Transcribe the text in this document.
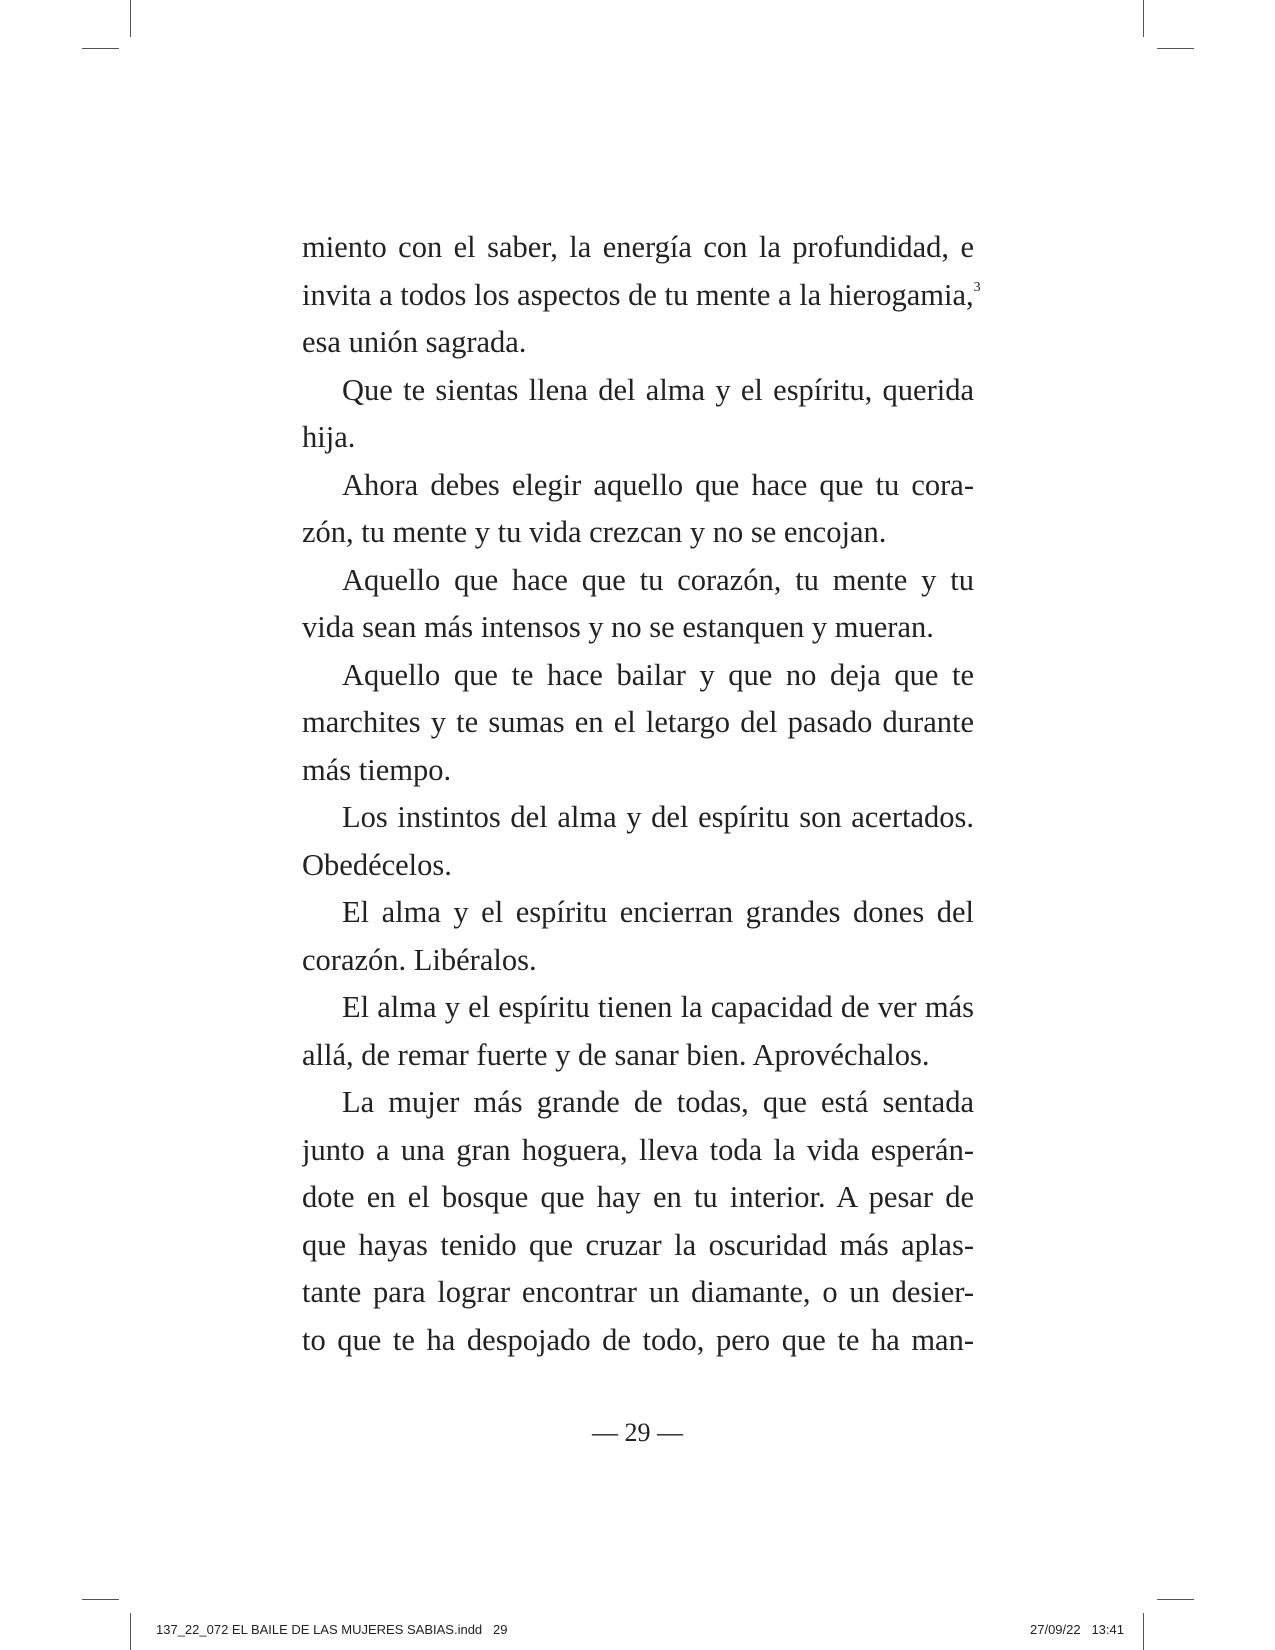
miento con el saber, la energía con la profundidad, e
invita a todos los aspectos de tu mente a la hierogamia,$^3$
esa unión sagrada.
Que te sientas llena del alma y el espíritu, querida
hija.
Ahora debes elegir aquello que hace que tu cora-
zón, tu mente y tu vida crezcan y no se encojan.
Aquello que hace que tu corazón, tu mente y tu
vida sean más intensos y no se estanquen y mueran.
Aquello que te hace bailar y que no deja que te
marchites y te sumas en el letargo del pasado durante
más tiempo.
Los instintos del alma y del espíritu son acertados.
Obedécelos.
El alma y el espíritu encierran grandes dones del
corazón. Libéralos.
El alma y el espíritu tienen la capacidad de ver más
allá, de remar fuerte y de sanar bien. Aprovéchalos.
La mujer más grande de todas, que está sentada
junto a una gran hoguera, lleva toda la vida esperán-
dote en el bosque que hay en tu interior. A pesar de
que hayas tenido que cruzar la oscuridad más aplas-
tante para lograr encontrar un diamante, o un desier-
to que te ha despojado de todo, pero que te ha man-
— 29 —
137_22_072 EL BAILE DE LAS MUJERES SABIAS.indd   29	27/09/22   13:41
